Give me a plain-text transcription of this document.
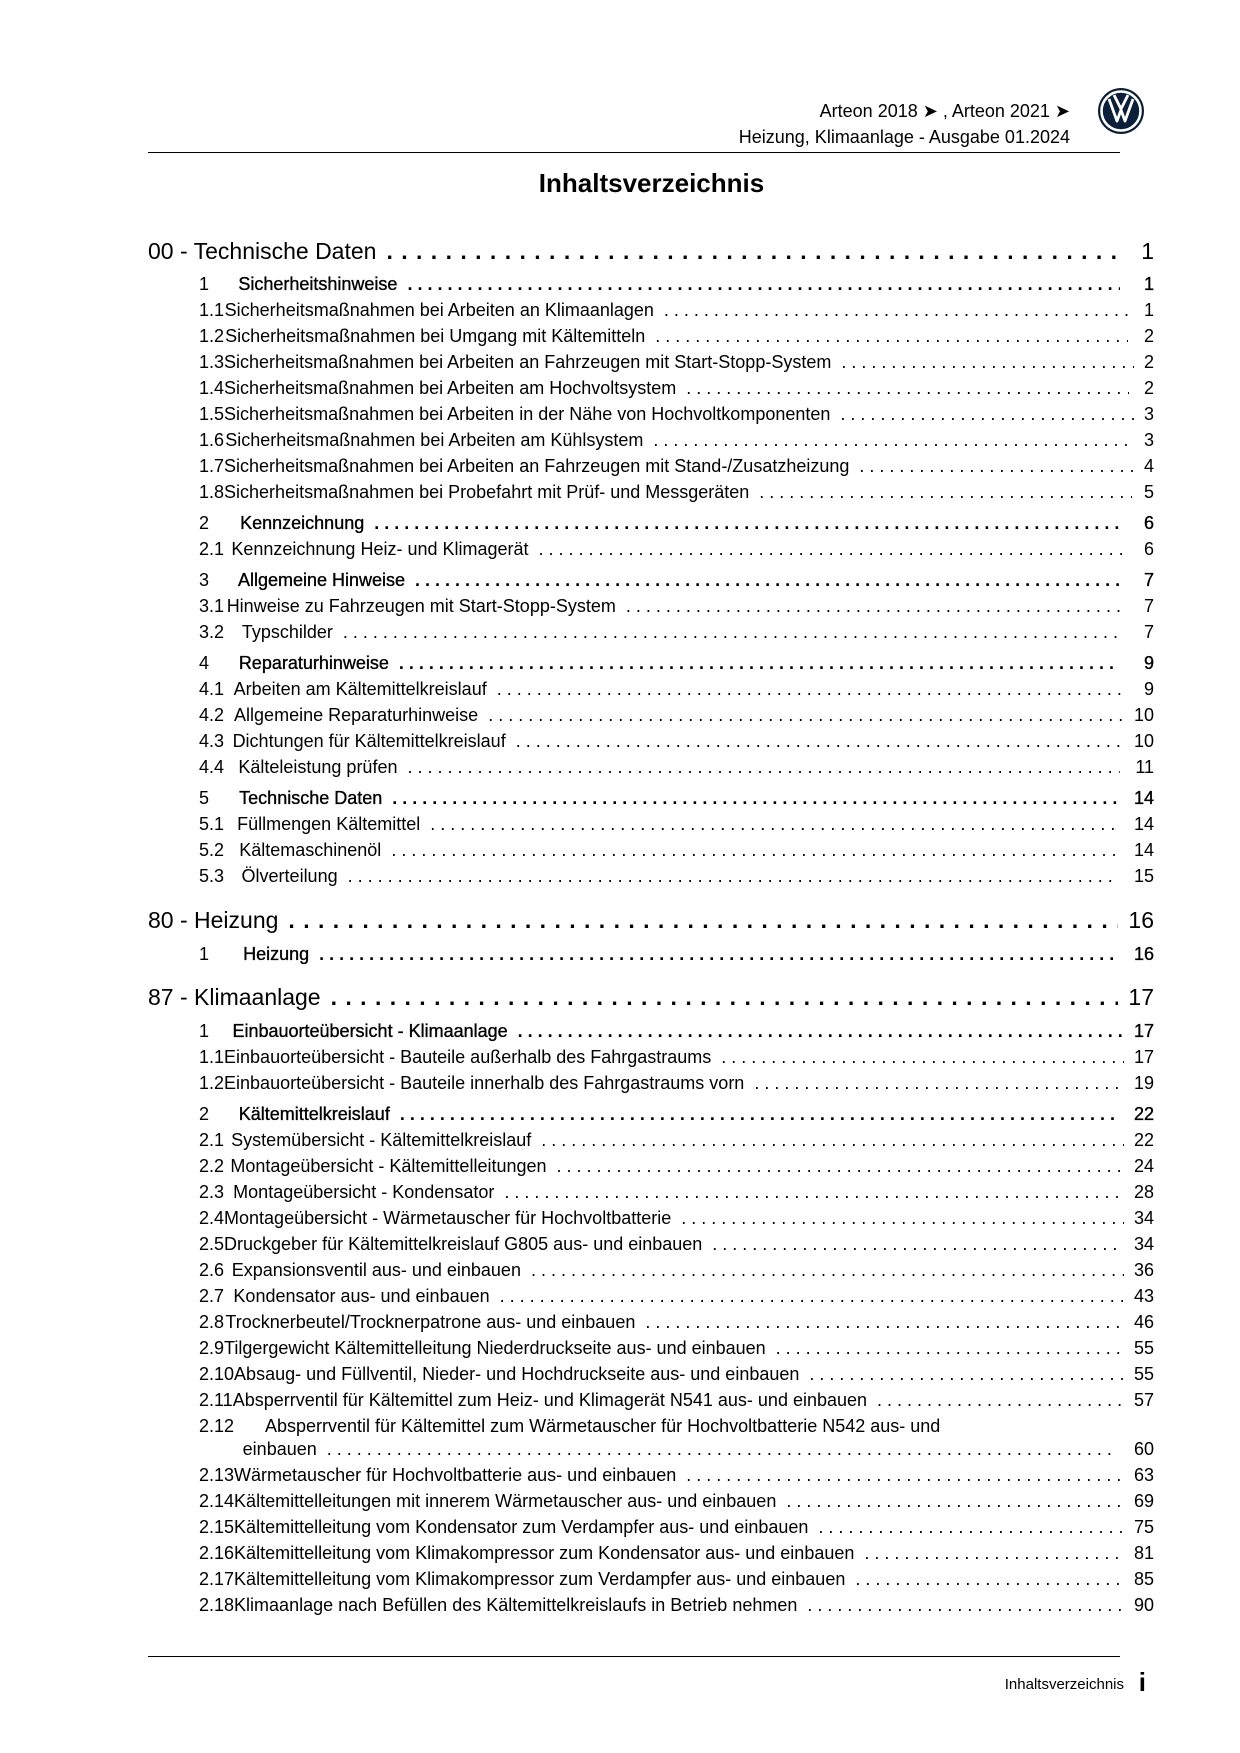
Arteon 2018 ➤ , Arteon 2021 ➤
Heizung, Klimaanlage - Ausgabe 01.2024
Inhaltsverzeichnis
00 - Technische Daten . . .	1
1	Sicherheitshinweise . . .	1
1.1 Sicherheitsmaßnahmen bei Arbeiten an Klimaanlagen . . .	1
1.2 Sicherheitsmaßnahmen bei Umgang mit Kältemitteln . . .	2
1.3 Sicherheitsmaßnahmen bei Arbeiten an Fahrzeugen mit Start-Stopp-System . . .	2
1.4 Sicherheitsmaßnahmen bei Arbeiten am Hochvoltsystem . . .	2
1.5 Sicherheitsmaßnahmen bei Arbeiten in der Nähe von Hochvoltkomponenten . . .	3
1.6 Sicherheitsmaßnahmen bei Arbeiten am Kühlsystem . . .	3
1.7 Sicherheitsmaßnahmen bei Arbeiten an Fahrzeugen mit Stand-/Zusatzheizung . . .	4
1.8 Sicherheitsmaßnahmen bei Probefahrt mit Prüf- und Messgeräten . . .	5
2	Kennzeichnung . . .	6
2.1 Kennzeichnung Heiz- und Klimagerät . . .	6
3	Allgemeine Hinweise . . .	7
3.1 Hinweise zu Fahrzeugen mit Start-Stopp-System . . .	7
3.2 Typschilder . . .	7
4	Reparaturhinweise . . .	9
4.1 Arbeiten am Kältemittelkreislauf . . .	9
4.2 Allgemeine Reparaturhinweise . . .	10
4.3 Dichtungen für Kältemittelkreislauf . . .	10
4.4 Kälteleistung prüfen . . .	11
5	Technische Daten . . .	14
5.1 Füllmengen Kältemittel . . .	14
5.2 Kältemaschinenöl . . .	14
5.3 Ölverteilung . . .	15
80 - Heizung . . .	16
1	Heizung . . .	16
87 - Klimaanlage . . .	17
1	Einbauorteübersicht - Klimaanlage . . .	17
1.1 Einbauorteübersicht - Bauteile außerhalb des Fahrgastraums . . .	17
1.2 Einbauorteübersicht - Bauteile innerhalb des Fahrgastraums vorn . . .	19
2	Kältemittelkreislauf . . .	22
2.1 Systemübersicht - Kältemittelkreislauf . . .	22
2.2 Montageübersicht - Kältemittelleitungen . . .	24
2.3 Montageübersicht - Kondensator . . .	28
2.4 Montageübersicht - Wärmetauscher für Hochvoltbatterie . . .	34
2.5 Druckgeber für Kältemittelkreislauf G805 aus- und einbauen . . .	34
2.6 Expansionsventil aus- und einbauen . . .	36
2.7 Kondensator aus- und einbauen . . .	43
2.8 Trocknerbeutel/Trocknerpatrone aus- und einbauen . . .	46
2.9 Tilgergewicht Kältemittelleitung Niederdruckseite aus- und einbauen . . .	55
2.10 Absaug- und Füllventil, Nieder- und Hochdruckseite aus- und einbauen . . .	55
2.11 Absperrventil für Kältemittel zum Heiz- und Klimagerät N541 aus- und einbauen . . .	57
2.12	Absperrventil für Kältemittel zum Wärmetauscher für Hochvoltbatterie N542 aus- und
einbauen . . .	60
2.13 Wärmetauscher für Hochvoltbatterie aus- und einbauen . . .	63
2.14 Kältemittelleitungen mit innerem Wärmetauscher aus- und einbauen . . .	69
2.15 Kältemittelleitung vom Kondensator zum Verdampfer aus- und einbauen . . .	75
2.16 Kältemittelleitung vom Klimakompressor zum Kondensator aus- und einbauen . . .	81
2.17 Kältemittelleitung vom Klimakompressor zum Verdampfer aus- und einbauen . . .	85
2.18 Klimaanlage nach Befüllen des Kältemittelkreislaufs in Betrieb nehmen . . .	90
Inhaltsverzeichnis i
